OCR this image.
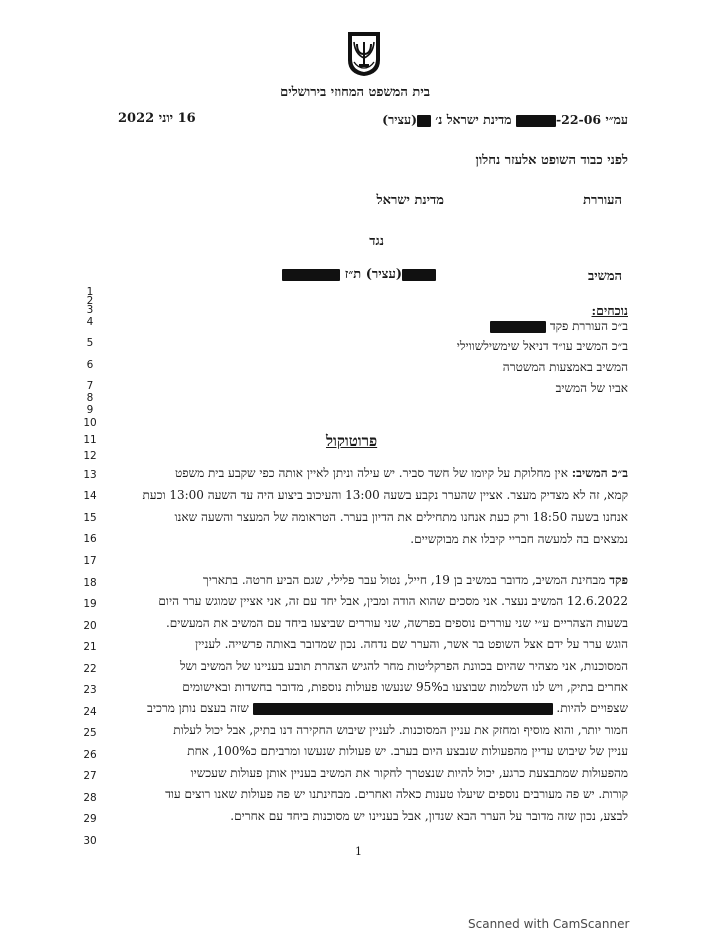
בית המשפט המחוזי בירושלים
עמ״י 22-06- מדינת ישראל נ׳ (עציר)
16 יוני 2022
לפני כבוד השופט אלעזר נחלון
העוררת
מדינת ישראל
נגד
המשיב
(עציר) ת״ז
1
2
3
4
5
6
7
8
9
10
11
12
13
14
15
16
17
18
19
20
21
22
23
24
25
26
27
28
29
30
נוכחים:
ב״כ העוררת פקד
ב״כ המשיב עו״ד דניאל שימשילשווילי
המשיב באמצעות המשטרה
אביו של המשיב
פרוטוקול
ב״כ המשיב: אין מחלוקת על קיומו של חשד סביר. יש עילה וניתן לאיין אותה כפי שקבע בית משפט
קמא, זה לא מצדיק מעצר. אציין שהערר נקבע בשעה 13:00 והעיכוב ביצוע היה עד השעה 13:00 וכעת
אנחנו בשעה 18:50 ורק כעת אנחנו מתחילים את הדיון בערר. הטראומה של המעצר והשעה שאנו
נמצאים בה למעשה חבריי קיבלו את מבוקשיים.
פקד מבחינת המשיב, מדובר במשיב בן 19, חייל, נטול עבר פלילי, שגם הביע חרטה. בתאריך
12.6.2022 המשיב נעצר. אני מסכים שהוא הודה ומבין, אבל יחד עם זה, אני אציין שמוגש ערר היום
בשעות הצהריים ע״י שני עוררים נוספים בפרשה, שני עוררים שביצעו ביחד עם המשיב את המעשים.
הוגש ערר על ידם אצל השופט בר אשר, והערר שם נדחה. נכון שמדובר באותה פרשייה. לעניין
המסוכנות, אני מצהיר שהיום בכוונת הפרקליטות מחר להגיש הצהרת תובע בעניינו של המשיב ושל
אחרים בתיק, ויש לנו השלמות שבוצעו ב95% שנעשו פעולות נוספות, מדובר בחשדות ובאישומים
שצפויים להיות.  שזה בעצם נותן מרכיב
חמור יותר, והוא מוסיף ומחזק את עניין המסוכנות. לעניין שיבוש החקירה דנו בתיק, אבל יכול לעלות
עניין של שיבוש עדיין מהפעולות שנבצע היום בערב. יש פעולות שנעשו ומרביתם כ100%, אחת
מהפעולות שמתבצעת כרגע, יכול להיות שנצטרך לחקור את המשיב בעניין אותן פעולות שעכשיו
קורות. יש פה מעורבים נוספים שיעלו טענות כאלה ואחרים. מבחינתנו יש פה פעולות שאנו רוצים עוד
לבצע, נכון שזה מדובר על הערר הבא שנדון, אבל בעניינו יש מסוכנות ביחד עם אחרים.
1
Scanned with CamScanner
